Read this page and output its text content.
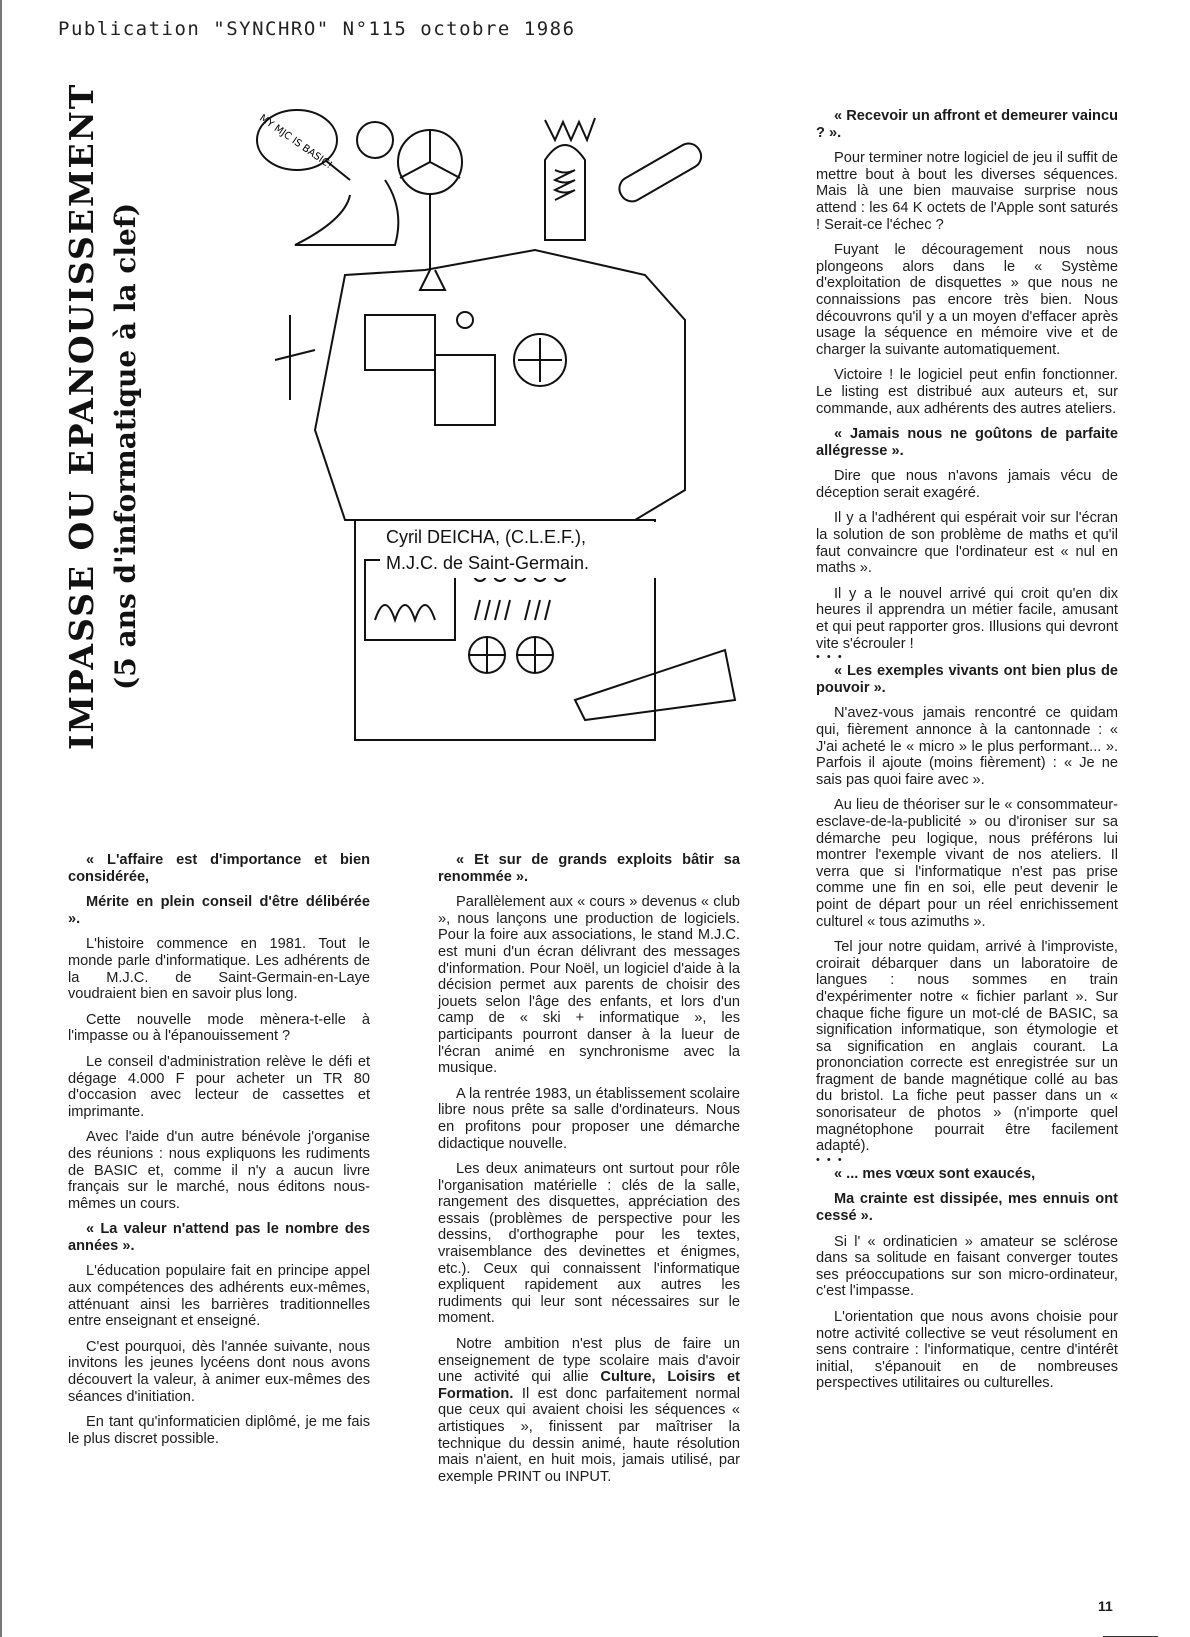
Publication "SYNCHRO" N°115 octobre 1986
IMPASSE OU EPANOUISSEMENT (5 ans d'informatique à la clef)
MY MJC IS BASIC!
Cyril DEICHA, (C.L.E.F.),
M.J.C. de Saint-Germain.

« L'affaire est d'importance et bien considérée,

Mérite en plein conseil d'être délibérée ».

L'histoire commence en 1981. Tout le monde parle d'informatique. Les adhérents de la M.J.C. de Saint-Germain-en-Laye voudraient bien en savoir plus long.

Cette nouvelle mode mènera-t-elle à l'impasse ou à l'épanouissement ?

Le conseil d'administration relève le défi et dégage 4.000 F pour acheter un TR 80 d'occasion avec lecteur de cassettes et imprimante.

Avec l'aide d'un autre bénévole j'organise des réunions : nous expliquons les rudiments de BASIC et, comme il n'y a aucun livre français sur le marché, nous éditons nous-mêmes un cours.

« La valeur n'attend pas le nombre des années ».

L'éducation populaire fait en principe appel aux compétences des adhérents eux-mêmes, atténuant ainsi les barrières traditionnelles entre enseignant et enseigné.

C'est pourquoi, dès l'année suivante, nous invitons les jeunes lycéens dont nous avons découvert la valeur, à animer eux-mêmes des séances d'initiation.

En tant qu'informaticien diplômé, je me fais le plus discret possible.

« Et sur de grands exploits bâtir sa renommée ».

Parallèlement aux « cours » devenus « club », nous lançons une production de logiciels. Pour la foire aux associations, le stand M.J.C. est muni d'un écran délivrant des messages d'information. Pour Noël, un logiciel d'aide à la décision permet aux parents de choisir des jouets selon l'âge des enfants, et lors d'un camp de « ski + informatique », les participants pourront danser à la lueur de l'écran animé en synchronisme avec la musique.

A la rentrée 1983, un établissement scolaire libre nous prête sa salle d'ordinateurs. Nous en profitons pour proposer une démarche didactique nouvelle.

Les deux animateurs ont surtout pour rôle l'organisation matérielle : clés de la salle, rangement des disquettes, appréciation des essais (problèmes de perspective pour les dessins, d'orthographe pour les textes, vraisemblance des devinettes et énigmes, etc.). Ceux qui connaissent l'informatique expliquent rapidement aux autres les rudiments qui leur sont nécessaires sur le moment.

Notre ambition n'est plus de faire un enseignement de type scolaire mais d'avoir une activité qui allie Culture, Loisirs et Formation. Il est donc parfaitement normal que ceux qui avaient choisi les séquences « artistiques », finissent par maîtriser la technique du dessin animé, haute résolution mais n'aient, en huit mois, jamais utilisé, par exemple PRINT ou INPUT.

« Recevoir un affront et demeurer vaincu ? ».

Pour terminer notre logiciel de jeu il suffit de mettre bout à bout les diverses séquences. Mais là une bien mauvaise surprise nous attend : les 64 K octets de l'Apple sont saturés ! Serait-ce l'échec ?

Fuyant le découragement nous nous plongeons alors dans le « Système d'exploitation de disquettes » que nous ne connaissions pas encore très bien. Nous découvrons qu'il y a un moyen d'effacer après usage la séquence en mémoire vive et de charger la suivante automatiquement.

Victoire ! le logiciel peut enfin fonctionner. Le listing est distribué aux auteurs et, sur commande, aux adhérents des autres ateliers.

« Jamais nous ne goûtons de parfaite allégresse ».

Dire que nous n'avons jamais vécu de déception serait exagéré.

Il y a l'adhérent qui espérait voir sur l'écran la solution de son problème de maths et qu'il faut convaincre que l'ordinateur est « nul en maths ».

Il y a le nouvel arrivé qui croit qu'en dix heures il apprendra un métier facile, amusant et qui peut rapporter gros. Illusions qui devront vite s'écrouler !

• • •

« Les exemples vivants ont bien plus de pouvoir ».

N'avez-vous jamais rencontré ce quidam qui, fièrement annonce à la cantonnade : « J'ai acheté le « micro » le plus performant... ». Parfois il ajoute (moins fièrement) : « Je ne sais pas quoi faire avec ».

Au lieu de théoriser sur le « consommateur-esclave-de-la-publicité » ou d'ironiser sur sa démarche peu logique, nous préférons lui montrer l'exemple vivant de nos ateliers. Il verra que si l'informatique n'est pas prise comme une fin en soi, elle peut devenir le point de départ pour un réel enrichissement culturel « tous azimuths ».

Tel jour notre quidam, arrivé à l'improviste, croirait débarquer dans un laboratoire de langues : nous sommes en train d'expérimenter notre « fichier parlant ». Sur chaque fiche figure un mot-clé de BASIC, sa signification informatique, son étymologie et sa signification en anglais courant. La prononciation correcte est enregistrée sur un fragment de bande magnétique collé au bas du bristol. La fiche peut passer dans un « sonorisateur de photos » (n'importe quel magnétophone pourrait être facilement adapté).

• • •

« ... mes vœux sont exaucés,

Ma crainte est dissipée, mes ennuis ont cessé ».

Si l' « ordinaticien » amateur se sclérose dans sa solitude en faisant converger toutes ses préoccupations sur son micro-ordinateur, c'est l'impasse.

L'orientation que nous avons choisie pour notre activité collective se veut résolument en sens contraire : l'informatique, centre d'intérêt initial, s'épanouit en de nombreuses perspectives utilitaires ou culturelles.

11
